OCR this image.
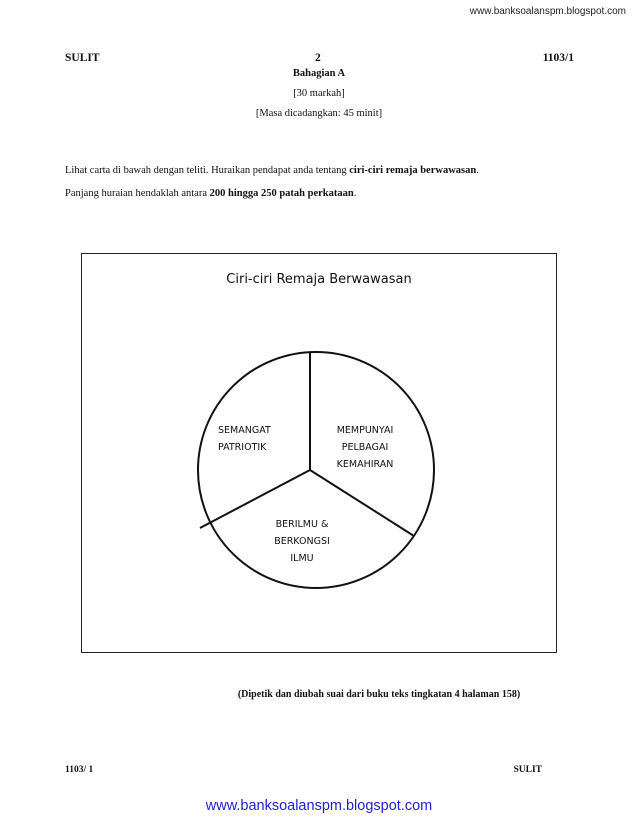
www.banksoalanspm.blogspot.com
SULIT	2	1103/1
Bahagian A
[30 markah]
[Masa dicadangkan: 45 minit]
Lihat carta di bawah dengan teliti. Huraikan pendapat anda tentang ciri-ciri remaja berwawasan.
Panjang huraian hendaklah antara 200 hingga 250 patah perkataan.
Ciri-ciri Remaja Berwawasan
SEMANGAT
PATRIOTIK
MEMPUNYAI
PELBAGAI
KEMAHIRAN
BERILMU &
BERKONGSI
ILMU
(Dipetik dan diubah suai dari buku teks tingkatan 4 halaman 158)
1103/ 1	SULIT
www.banksoalanspm.blogspot.com
